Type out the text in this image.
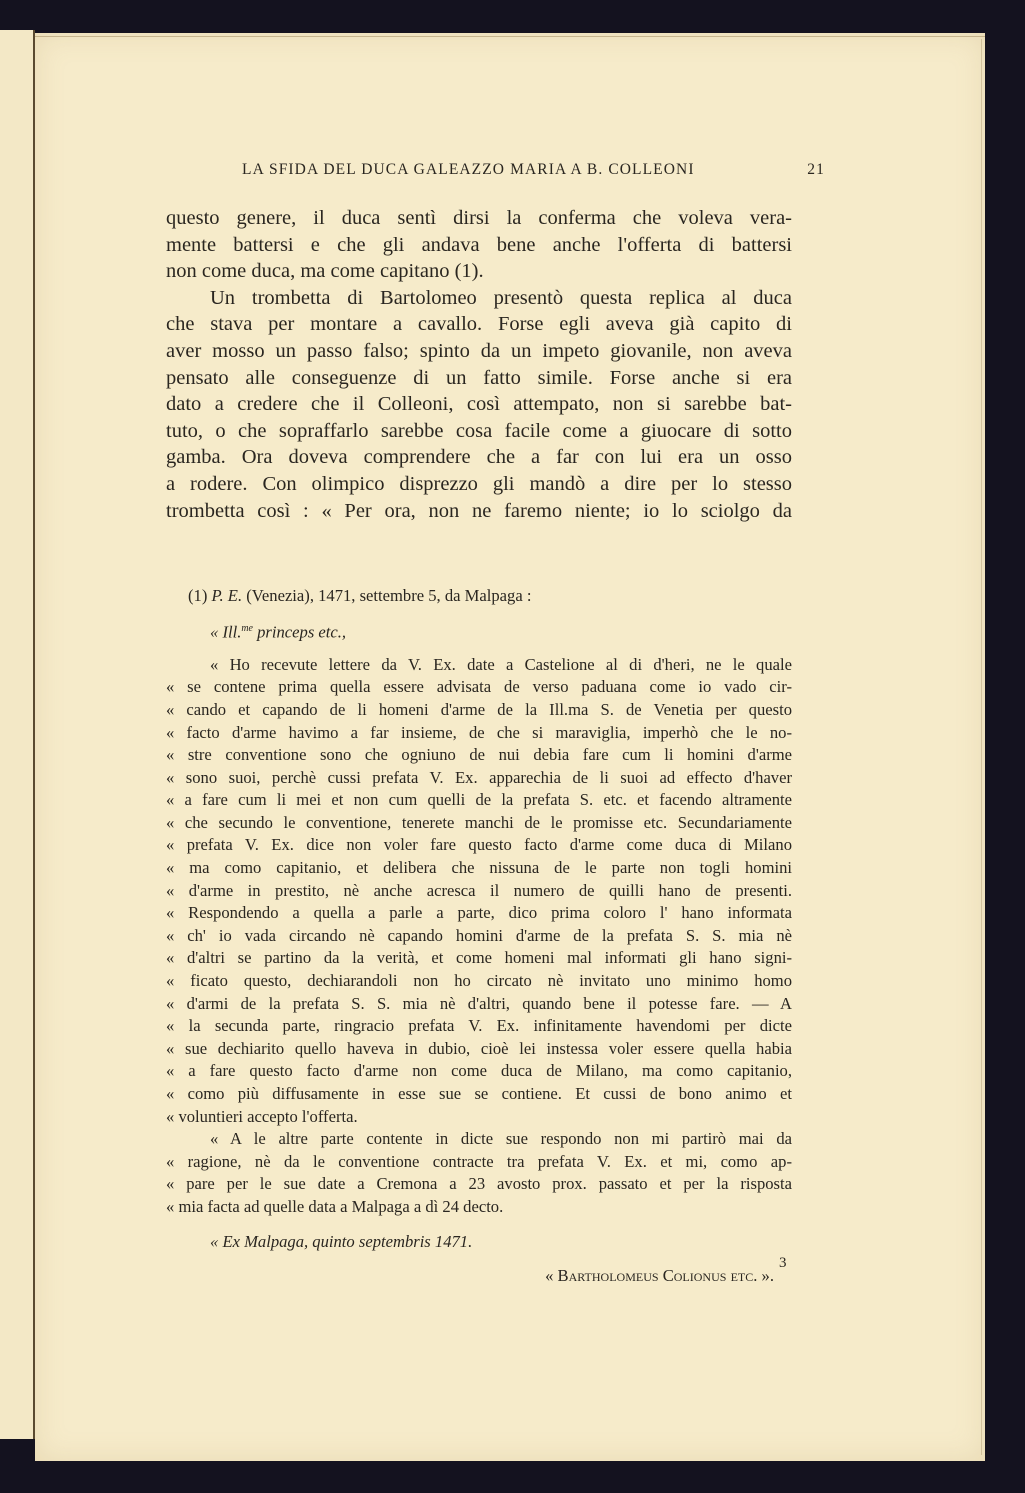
LA SFIDA DEL DUCA GALEAZZO MARIA A B. COLLEONI	21
questo genere, il duca sentì dirsi la conferma che voleva vera-
mente battersi e che gli andava bene anche l'offerta di battersi
non come duca, ma come capitano (1).
Un trombetta di Bartolomeo presentò questa replica al duca
che stava per montare a cavallo. Forse egli aveva già capito di
aver mosso un passo falso; spinto da un impeto giovanile, non aveva
pensato alle conseguenze di un fatto simile. Forse anche si era
dato a credere che il Colleoni, così attempato, non si sarebbe bat-
tuto, o che sopraffarlo sarebbe cosa facile come a giuocare di sotto
gamba. Ora doveva comprendere che a far con lui era un osso
a rodere. Con olimpico disprezzo gli mandò a dire per lo stesso
trombetta così : « Per ora, non ne faremo niente; io lo sciolgo da
(1) P. E. (Venezia), 1471, settembre 5, da Malpaga :
« Ill.$^{me}$ princeps etc.,
« Ho recevute lettere da V. Ex. date a Castelione al di d'heri, ne le quale
« se contene prima quella essere advisata de verso paduana come io vado cir-
« cando et capando de li homeni d'arme de la Ill.ma S. de Venetia per questo
« facto d'arme havimo a far insieme, de che si maraviglia, imperhò che le no-
« stre conventione sono che ogniuno de nui debia fare cum li homini d'arme
« sono suoi, perchè cussi prefata V. Ex. apparechia de li suoi ad effecto d'haver
« a fare cum li mei et non cum quelli de la prefata S. etc. et facendo altramente
« che secundo le conventione, tenerete manchi de le promisse etc. Secundariamente
« prefata V. Ex. dice non voler fare questo facto d'arme come duca di Milano
« ma como capitanio, et delibera che nissuna de le parte non togli homini
« d'arme in prestito, nè anche acresca il numero de quilli hano de presenti.
« Respondendo a quella a parle a parte, dico prima coloro l' hano informata
« ch' io vada circando nè capando homini d'arme de la prefata S. S. mia nè
« d'altri se partino da la verità, et come homeni mal informati gli hano signi-
« ficato questo, dechiarandoli non ho circato nè invitato uno minimo homo
« d'armi de la prefata S. S. mia nè d'altri, quando bene il potesse fare. — A
« la secunda parte, ringracio prefata V. Ex. infinitamente havendomi per dicte
« sue dechiarito quello haveva in dubio, cioè lei instessa voler essere quella habia
« a fare questo facto d'arme non come duca de Milano, ma como capitanio,
« como più diffusamente in esse sue se contiene. Et cussi de bono animo et
« voluntieri accepto l'offerta.
« A le altre parte contente in dicte sue respondo non mi partirò mai da
« ragione, nè da le conventione contracte tra prefata V. Ex. et mi, como ap-
« pare per le sue date a Cremona a 23 avosto prox. passato et per la risposta
« mia facta ad quelle data a Malpaga a dì 24 decto.
« Ex Malpaga, quinto septembris 1471.
« Bartholomeus Colionus etc. ».
3
